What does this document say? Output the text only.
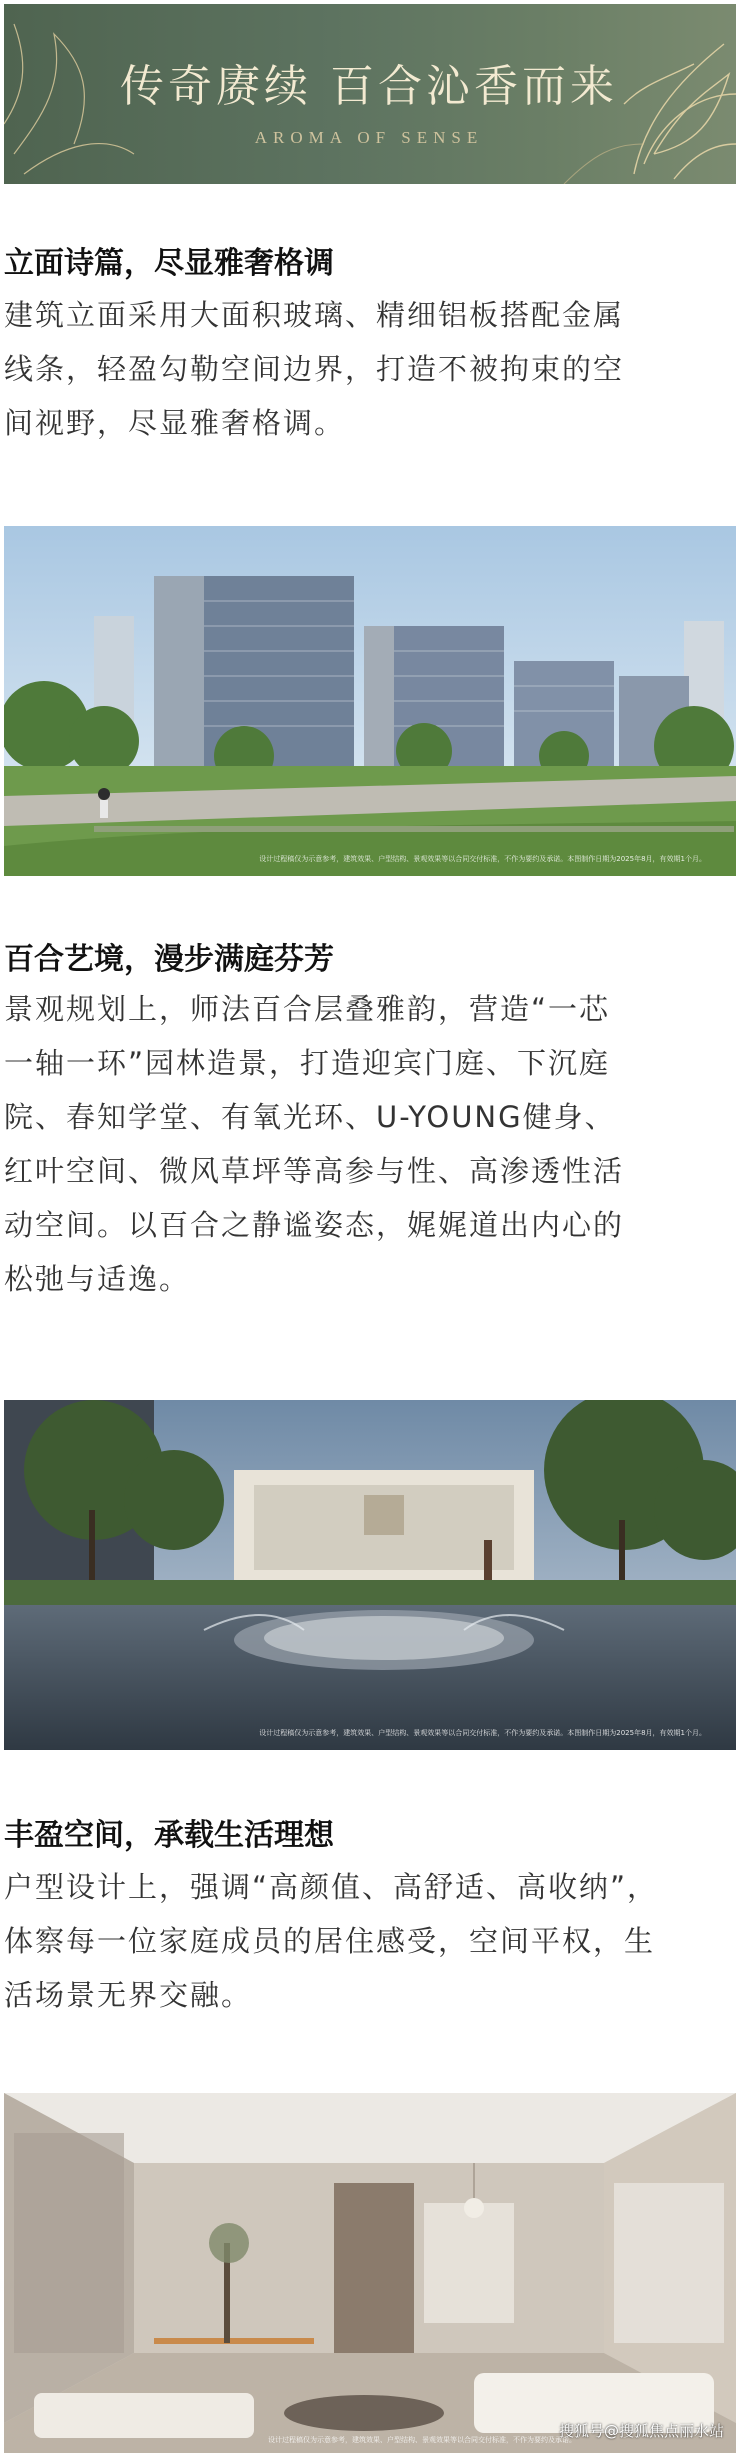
传奇赓续 百合沁香而来
AROMA OF SENSE
立面诗篇，尽显雅奢格调
建筑立面采用大面积玻璃、精细铝板搭配金属
线条，轻盈勾勒空间边界，打造不被拘束的空
间视野，尽显雅奢格调。
设计过程稿仅为示意参考，建筑效果、户型结构、景观效果等以合同交付标准，不作为要约及承诺。本图制作日期为2025年8月，有效期1个月。
百合艺境，漫步满庭芬芳
景观规划上，师法百合层叠雅韵，营造“一芯
一轴一环”园林造景，打造迎宾门庭、下沉庭
院、春知学堂、有氧光环、U-YOUNG健身、
红叶空间、微风草坪等高参与性、高渗透性活
动空间。以百合之静谧姿态，娓娓道出内心的
松弛与适逸。
设计过程稿仅为示意参考，建筑效果、户型结构、景观效果等以合同交付标准，不作为要约及承诺。本图制作日期为2025年8月，有效期1个月。
丰盈空间，承载生活理想
户型设计上，强调“高颜值、高舒适、高收纳”，
体察每一位家庭成员的居住感受，空间平权，生
活场景无界交融。
设计过程稿仅为示意参考，建筑效果、户型结构、景观效果等以合同交付标准，不作为要约及承诺。
搜狐号@搜狐焦点丽水站
